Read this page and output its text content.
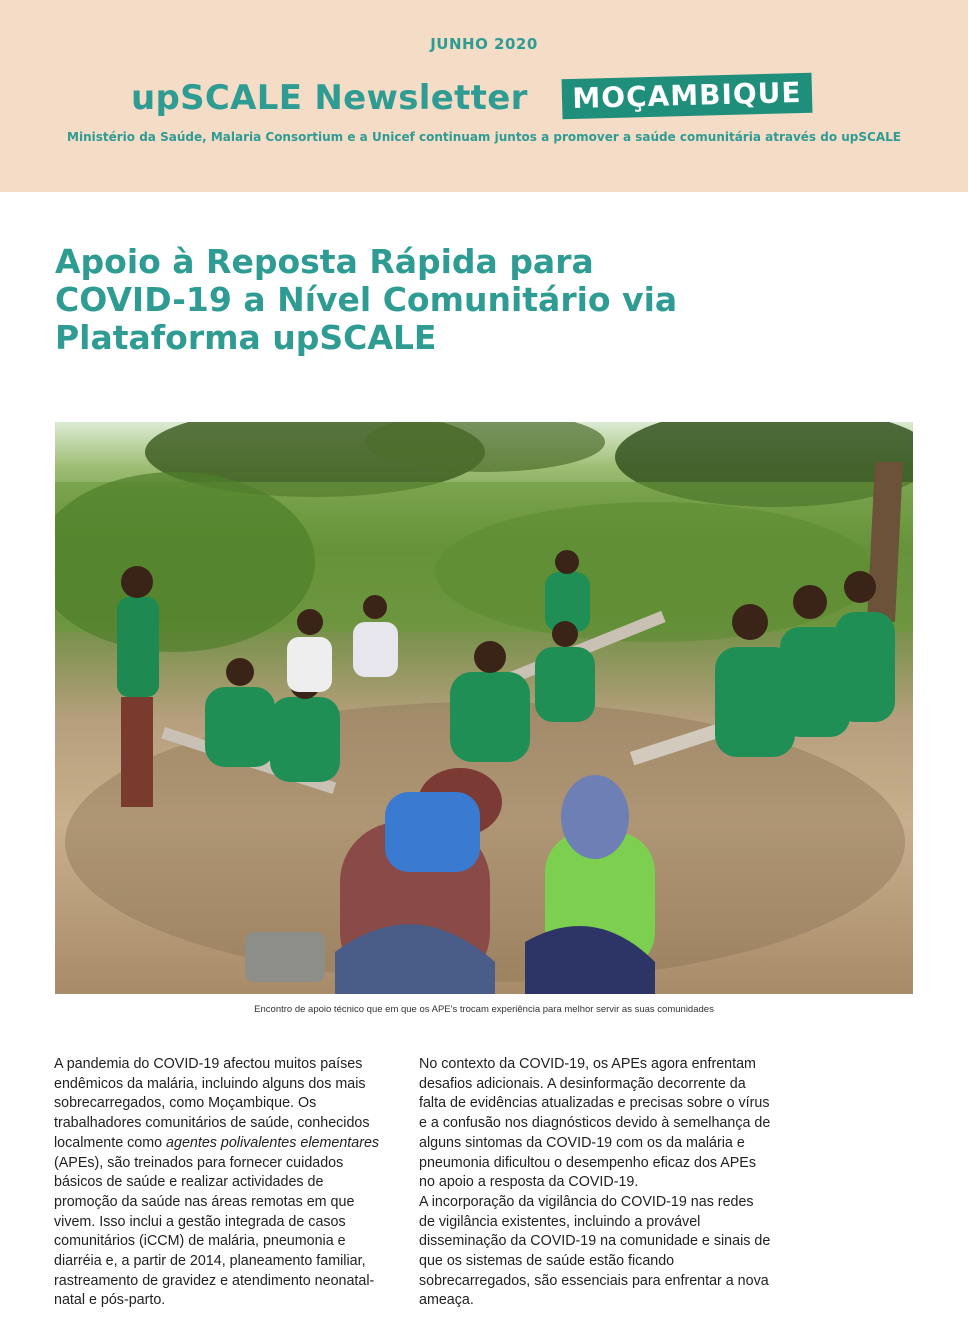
JUNHO 2020
upSCALE Newsletter	MOÇAMBIQUE
Ministério da Saúde, Malaria Consortium e a Unicef continuam juntos a promover a saúde comunitária através do upSCALE
Apoio à Reposta Rápida para
COVID-19 a Nível Comunitário via
Plataforma upSCALE
Encontro de apoio técnico que em que os APE's trocam experiência para melhor servir as suas comunidades

A pandemia do COVID-19 afectou muitos países endêmicos da malária, incluindo alguns dos mais sobrecarregados, como Moçambique. Os trabalhadores comunitários de saúde, conhecidos localmente como agentes polivalentes elementares (APEs), são treinados para fornecer cuidados básicos de saúde e realizar actividades de promoção da saúde nas áreas remotas em que vivem. Isso inclui a gestão integrada de casos comunitários (iCCM) de malária, pneumonia e diarréia e, a partir de 2014, planeamento familiar, rastreamento de gravidez e atendimento neonatal- natal e pós-parto.

No contexto da COVID-19, os APEs agora enfrentam desafios adicionais. A desinformação decorrente da falta de evidências atualizadas e precisas sobre o vírus e a confusão nos diagnósticos devido à semelhança de alguns sintomas da COVID-19 com os da malária e pneumonia dificultou o desempenho eficaz dos APEs no apoio a resposta da COVID-19.
A incorporação da vigilância do COVID-19 nas redes de vigilância existentes, incluindo a provável disseminação da COVID-19 na comunidade e sinais de que os sistemas de saúde estão ficando sobrecarregados, são essenciais para enfrentar a nova ameaça.
